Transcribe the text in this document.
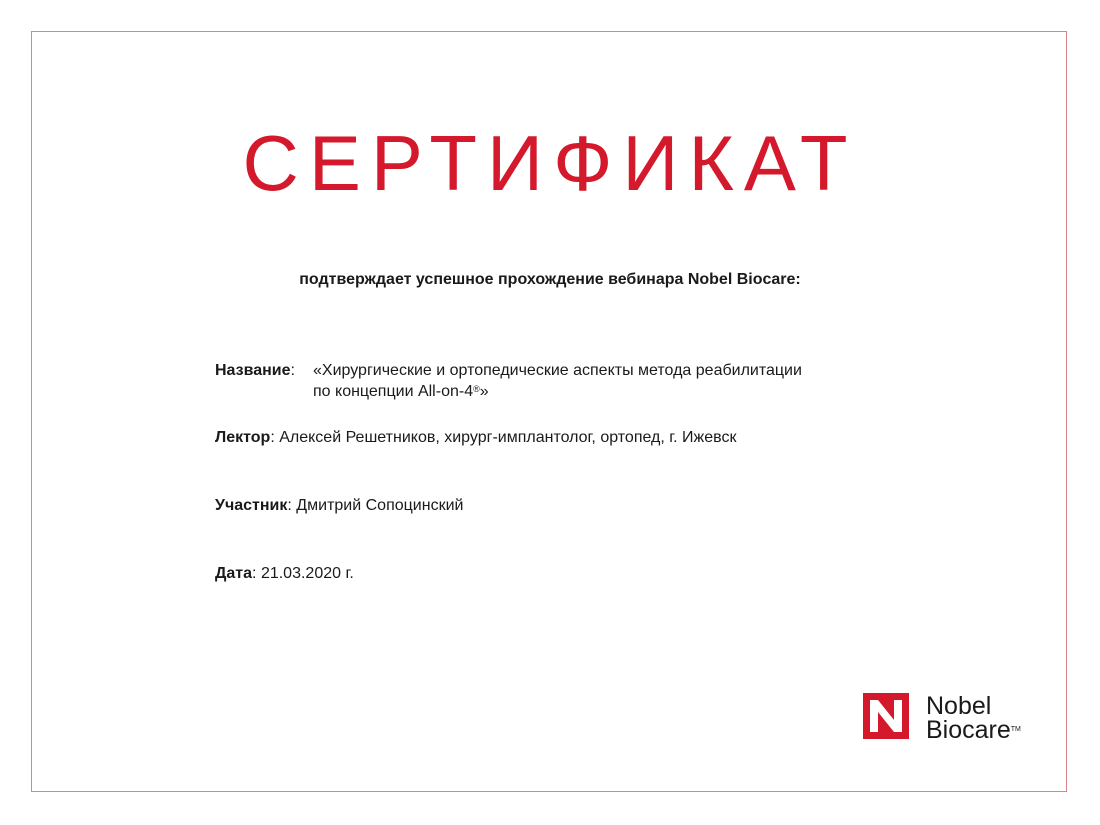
СЕРТИФИКАТ
подтверждает успешное прохождение вебинара Nobel Biocare:
Название: «Хирургические и ортопедические аспекты метода реабилитации
по концепции All-on-4®»
Лектор: Алексей Решетников, хирург-имплантолог, ортопед, г. Ижевск
Участник: Дмитрий Сопоцинский
Дата: 21.03.2020 г.
Nobel
Biocare™
